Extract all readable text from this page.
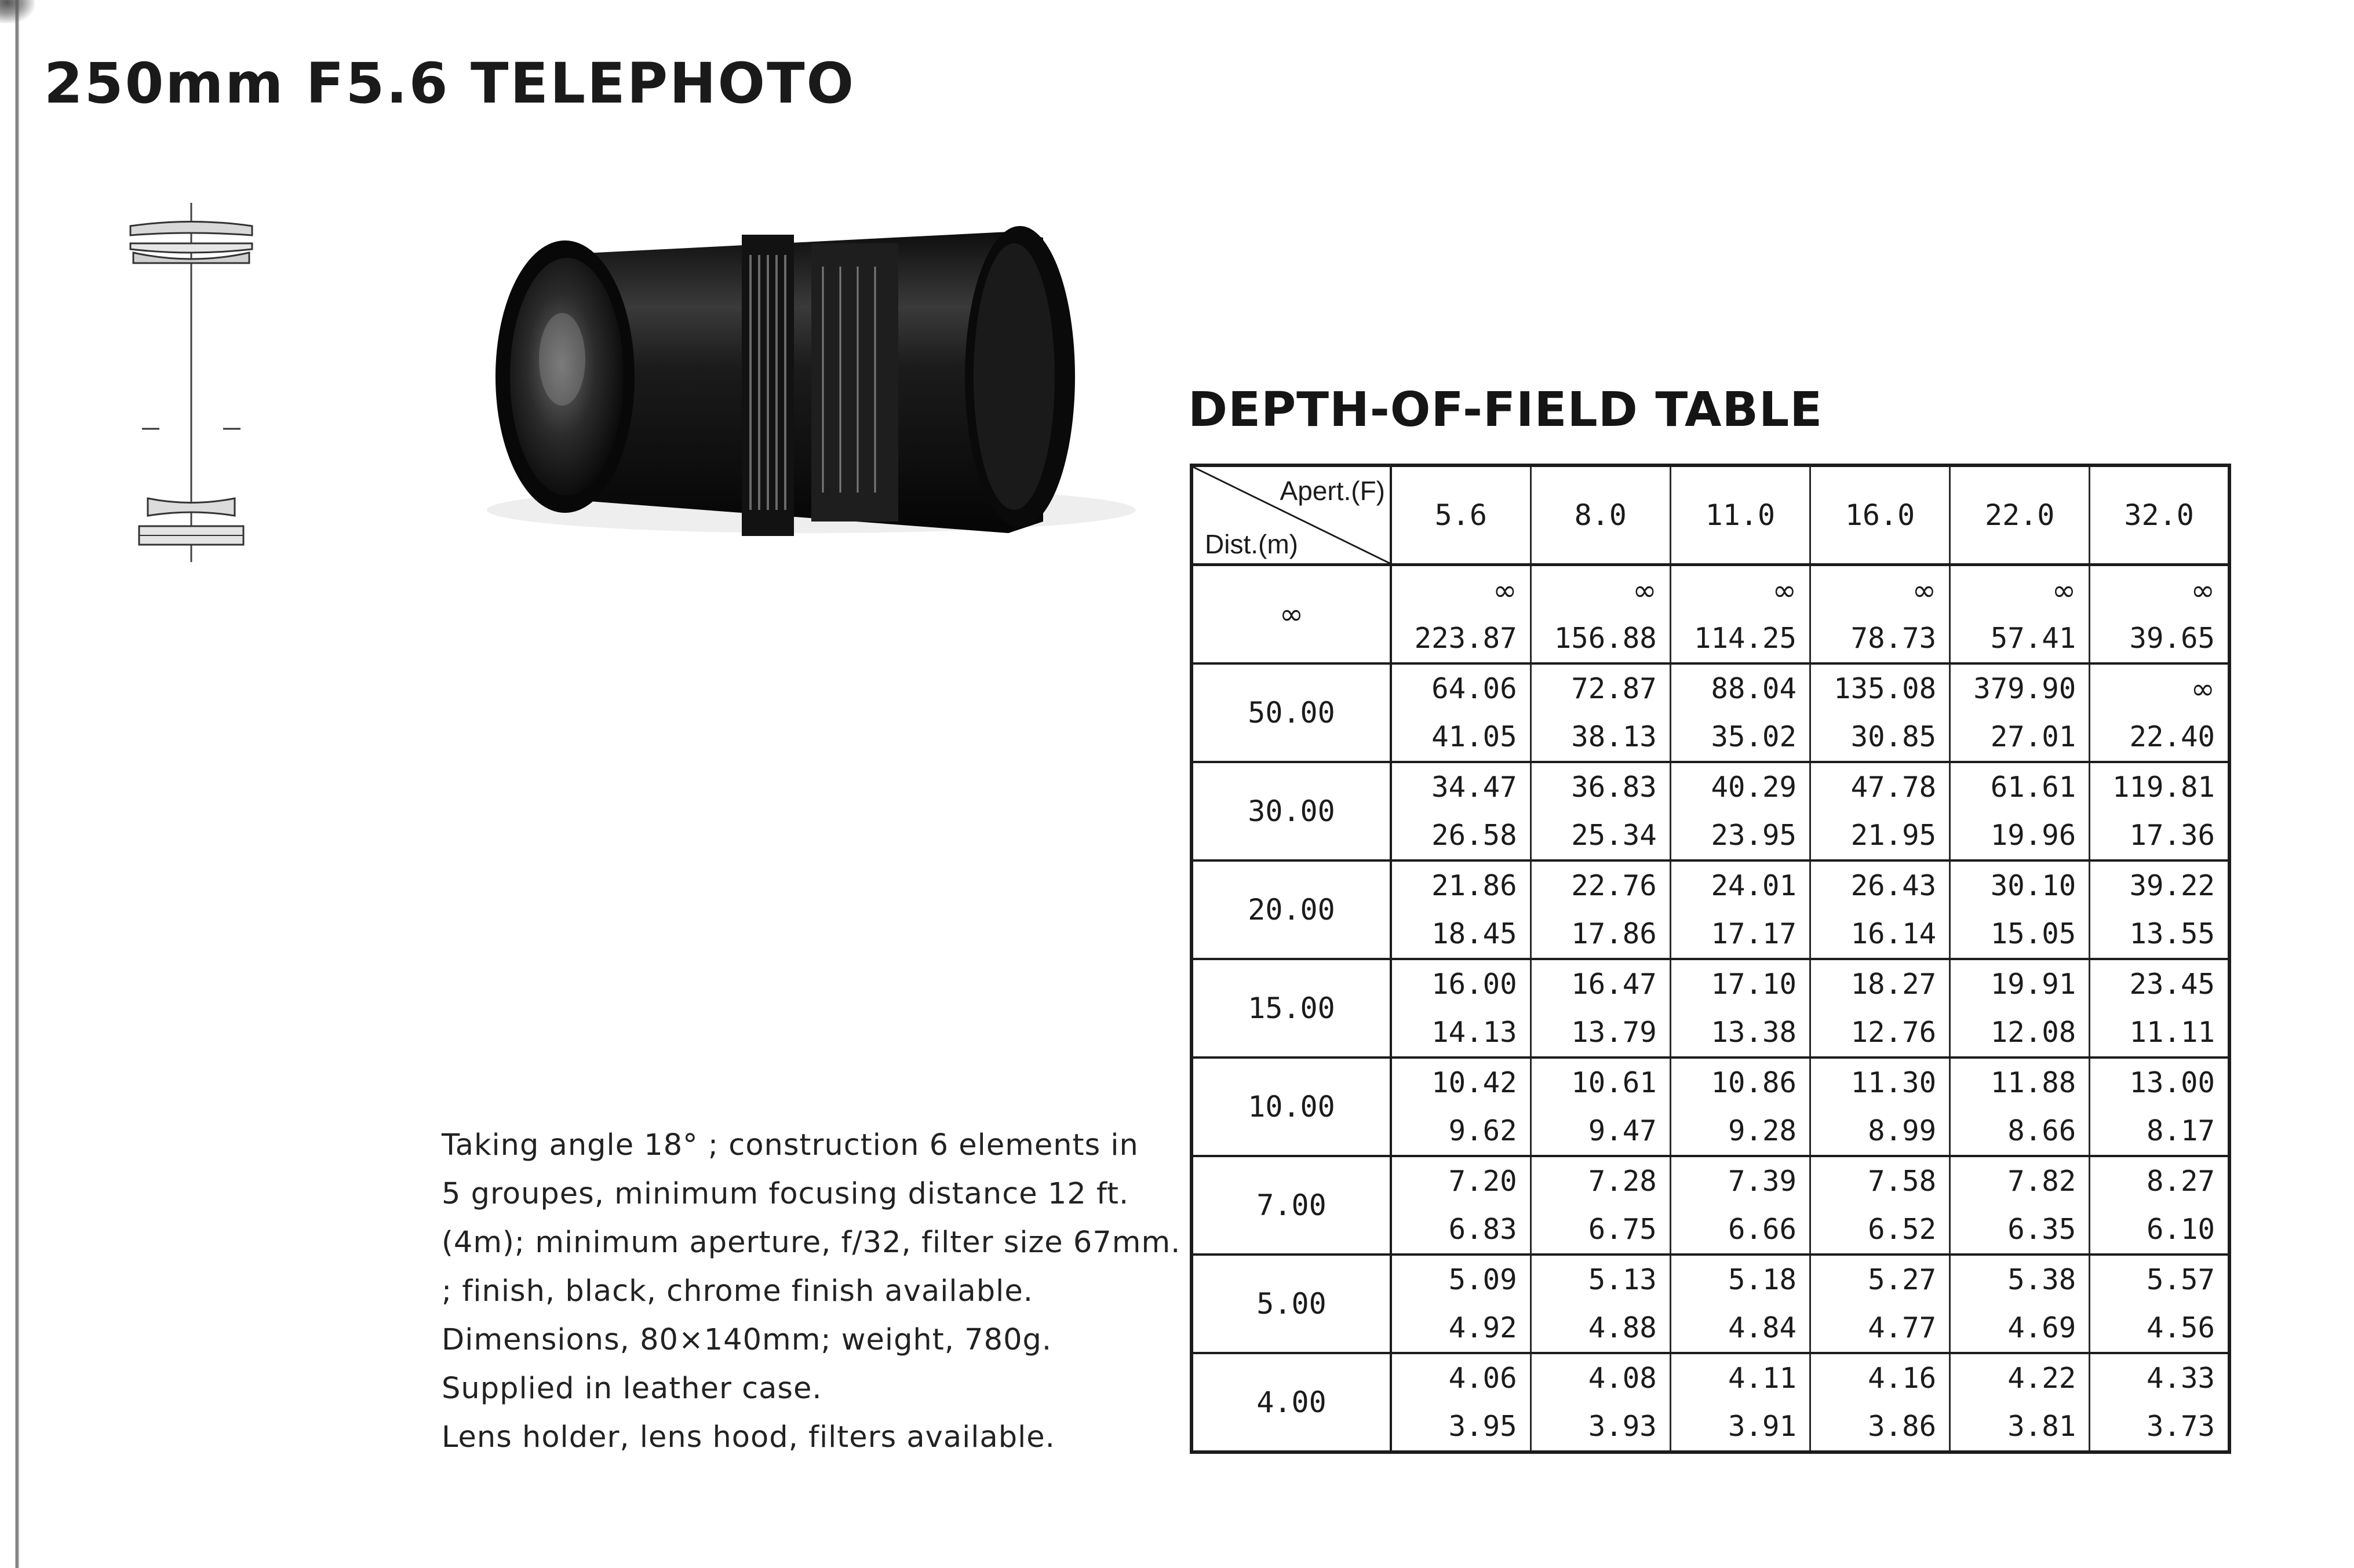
250mm F5.6 TELEPHOTO
Taking angle 18° ; construction 6 elements in
5 groupes, minimum focusing distance 12 ft.
(4m); minimum aperture, f/32, filter size 67mm.
; finish, black, chrome finish available.
Dimensions, 80×140mm; weight, 780g.
Supplied in leather case.
Lens holder, lens hood, filters available.
DEPTH-OF-FIELD TABLE
Apert.(F)
Dist.(m)	5.6	8.0	11.0	16.0	22.0	32.0
∞	∞	∞	∞	∞	∞	∞
	223.87	156.88	114.25	78.73	57.41	39.65
50.00	64.06	72.87	88.04	135.08	379.90	∞
	41.05	38.13	35.02	30.85	27.01	22.40
30.00	34.47	36.83	40.29	47.78	61.61	119.81
	26.58	25.34	23.95	21.95	19.96	17.36
20.00	21.86	22.76	24.01	26.43	30.10	39.22
	18.45	17.86	17.17	16.14	15.05	13.55
15.00	16.00	16.47	17.10	18.27	19.91	23.45
	14.13	13.79	13.38	12.76	12.08	11.11
10.00	10.42	10.61	10.86	11.30	11.88	13.00
	9.62	9.47	9.28	8.99	8.66	8.17
7.00	7.20	7.28	7.39	7.58	7.82	8.27
	6.83	6.75	6.66	6.52	6.35	6.10
5.00	5.09	5.13	5.18	5.27	5.38	5.57
	4.92	4.88	4.84	4.77	4.69	4.56
4.00	4.06	4.08	4.11	4.16	4.22	4.33
	3.95	3.93	3.91	3.86	3.81	3.73
